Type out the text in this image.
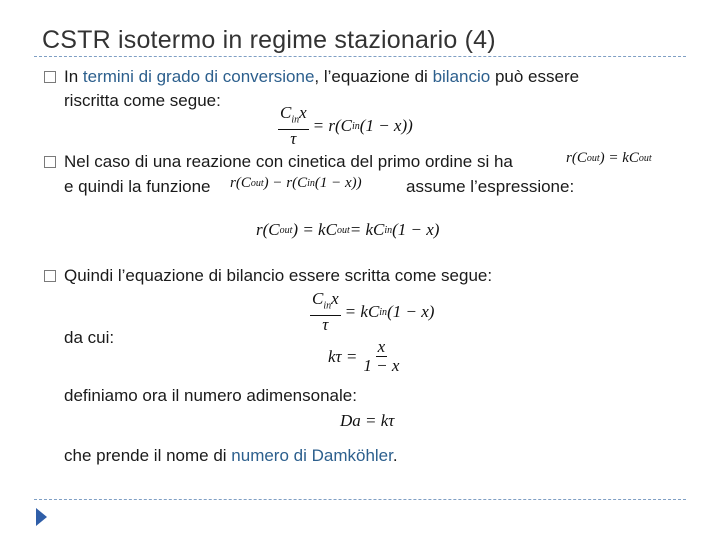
CSTR isotermo in regime stazionario (4)
In termini di grado di conversione, l’equazione di bilancio può essere
riscritta come segue:
$\frac{C_{in}x}{\tau} = r(C$ in (1 − x))
Nel caso di una reazione con cinetica del primo ordine si ha	r(C out ) = kC out
e quindi la funzione r(C out ) − r(C in (1 − x))	assume l’espressione:
r(C out ) = kC out = kC in (1 − x)
Quindi l’equazione di bilancio essere scritta come segue:
$\frac{C_{in}x}{\tau}$ = kC in (1 − x)
da cui:
$k\tau = \frac{x}{1 - x}$
definiamo ora il numero adimensonale:
Da = kτ
che prende il nome di numero di Damköhler.
